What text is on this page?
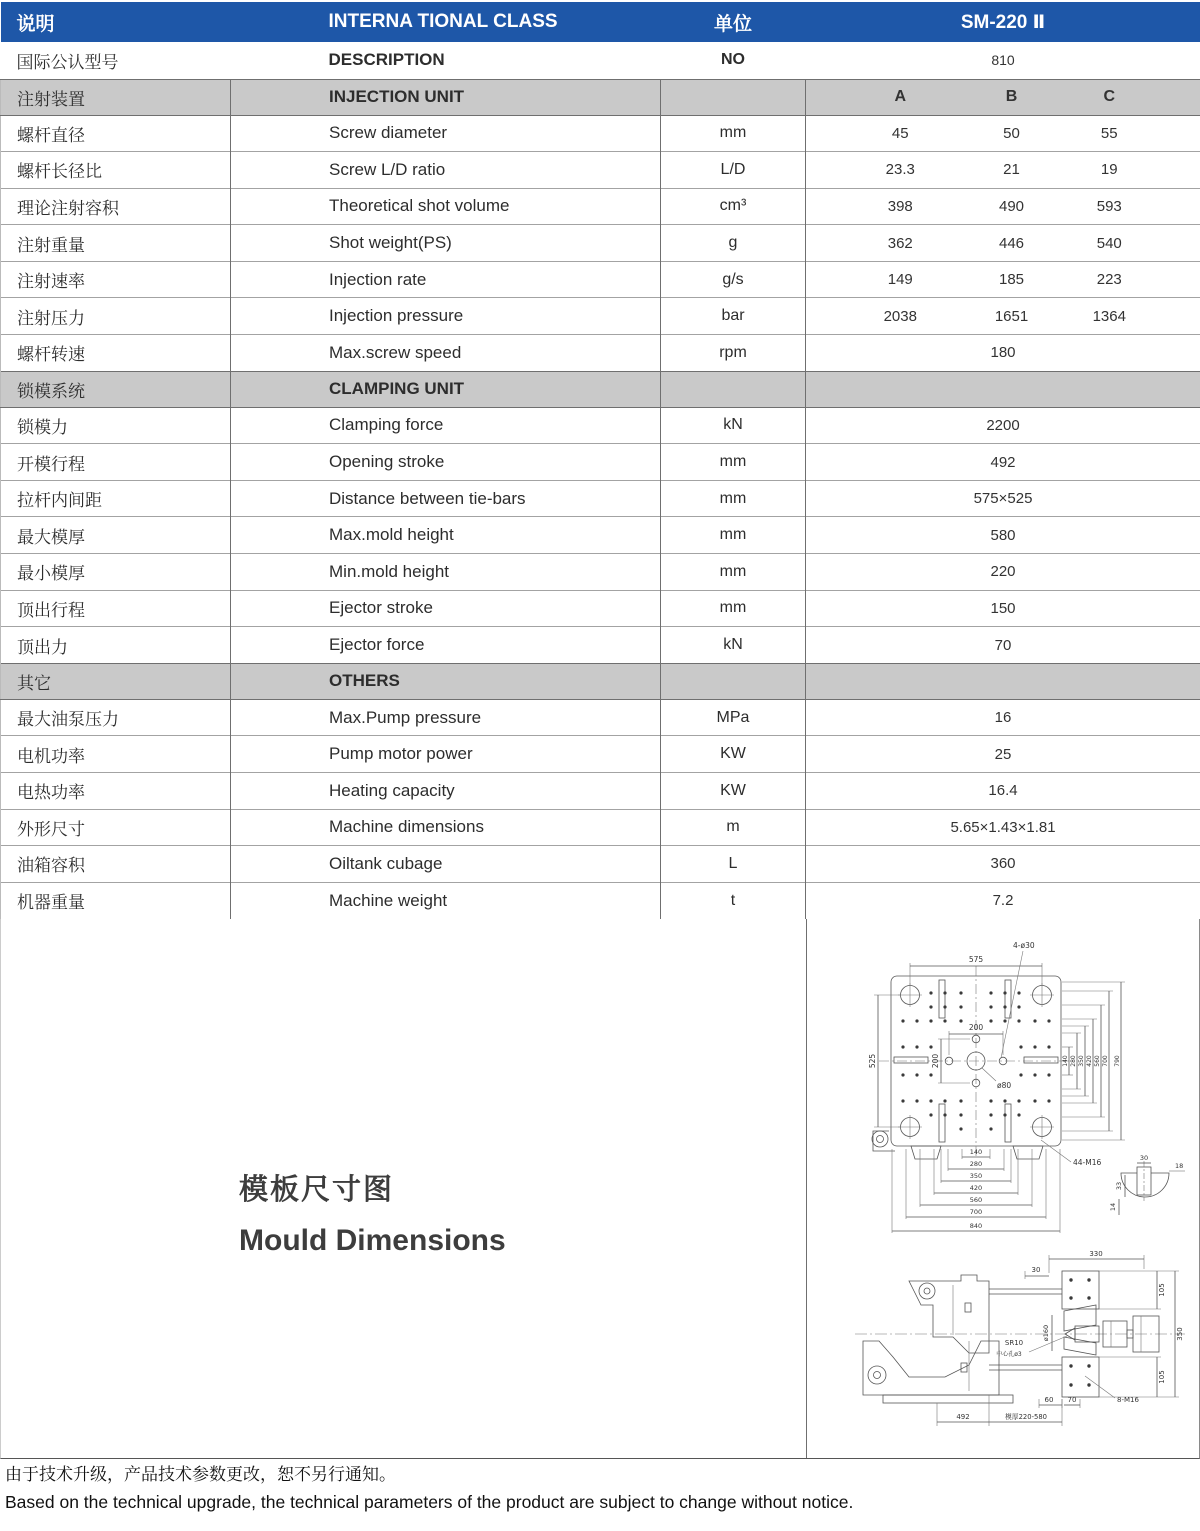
说明	INTERNA TIONAL CLASS	单位	SM-220 Ⅱ		
国际公认型号	DESCRIPTION	NO	810		
注射装置	INJECTION UNIT		A	B	C
螺杆直径	Screw diameter	mm	45	50	55
螺杆长径比	Screw L/D ratio	L/D	23.3	21	19
理论注射容积	Theoretical shot volume	cm³	398	490	593
注射重量	Shot weight(PS)	g	362	446	540
注射速率	Injection rate	g/s	149	185	223
注射压力	Injection pressure	bar	2038	1651	1364
螺杆转速	Max.screw speed	rpm	180		
锁模系统	CLAMPING UNIT				
锁模力	Clamping force	kN	2200		
开模行程	Opening stroke	mm	492		
拉杆内间距	Distance between tie-bars	mm	575×525		
最大模厚	Max.mold height	mm	580		
最小模厚	Min.mold height	mm	220		
顶出行程	Ejector stroke	mm	150		
顶出力	Ejector force	kN	70		
其它	OTHERS				
最大油泵压力	Max.Pump pressure	MPa	16		
电机功率	Pump motor power	KW	25		
电热功率	Heating capacity	KW	16.4		
外形尺寸	Machine dimensions	m	5.65×1.43×1.81		
油箱容积	Oiltank cubage	L	360		
机器重量	Machine weight	t	7.2		
模板尺寸图
Mould Dimensions
575
4-ø30
525
200
200
ø80
140 280 350 420 560 700 790
140
280
350
420
560
700
840
44-M16	30
18
33
14
330
30
ø160
SR10
中心孔ø3
105
105
350
60 70	8-M16
492	模厚220-580
由于技术升级，产品技术参数更改，恕不另行通知。
Based on the technical upgrade, the technical parameters of the product are subject to change without notice.
